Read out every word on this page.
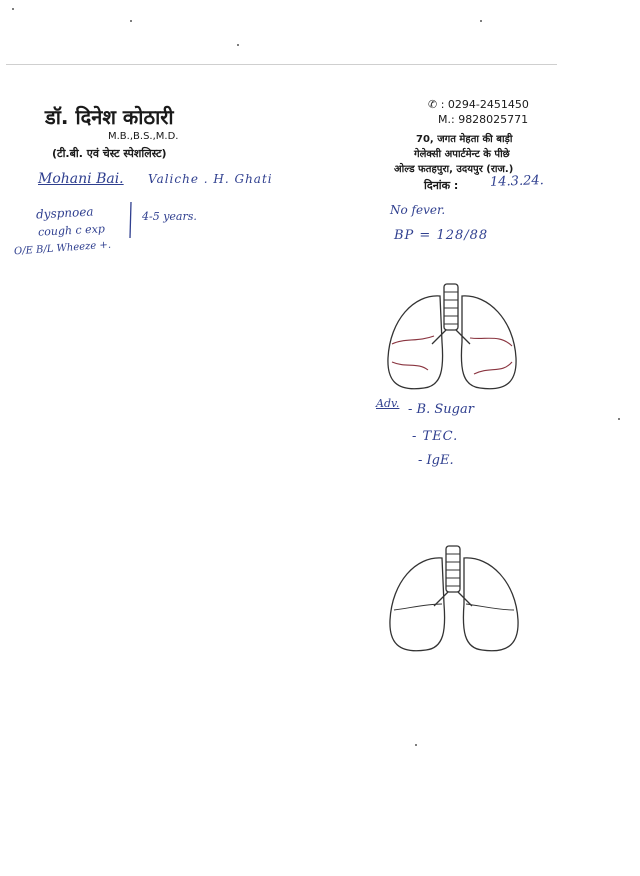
डॉ. दिनेश कोठारी
M.B.,B.S.,M.D.
(टी.बी. एवं चेस्ट स्पेशलिस्ट)
✆ : 0294-2451450
M.: 9828025771
70, जगत मेहता की बाड़ी
गेलेक्सी अपार्टमेन्ट के पीछे
ओल्ड फतहपुरा, उदयपुर (राज.)
दिनांक : 14.3.24.
Mohani Bai. Valiche . H. Ghati
dyspnoea
cough c exp
4-5 years.
O/E B/L Wheeze +.
No fever.
BP = 128/88
Adv. - B. Sugar
- TEC.
- IgE.
